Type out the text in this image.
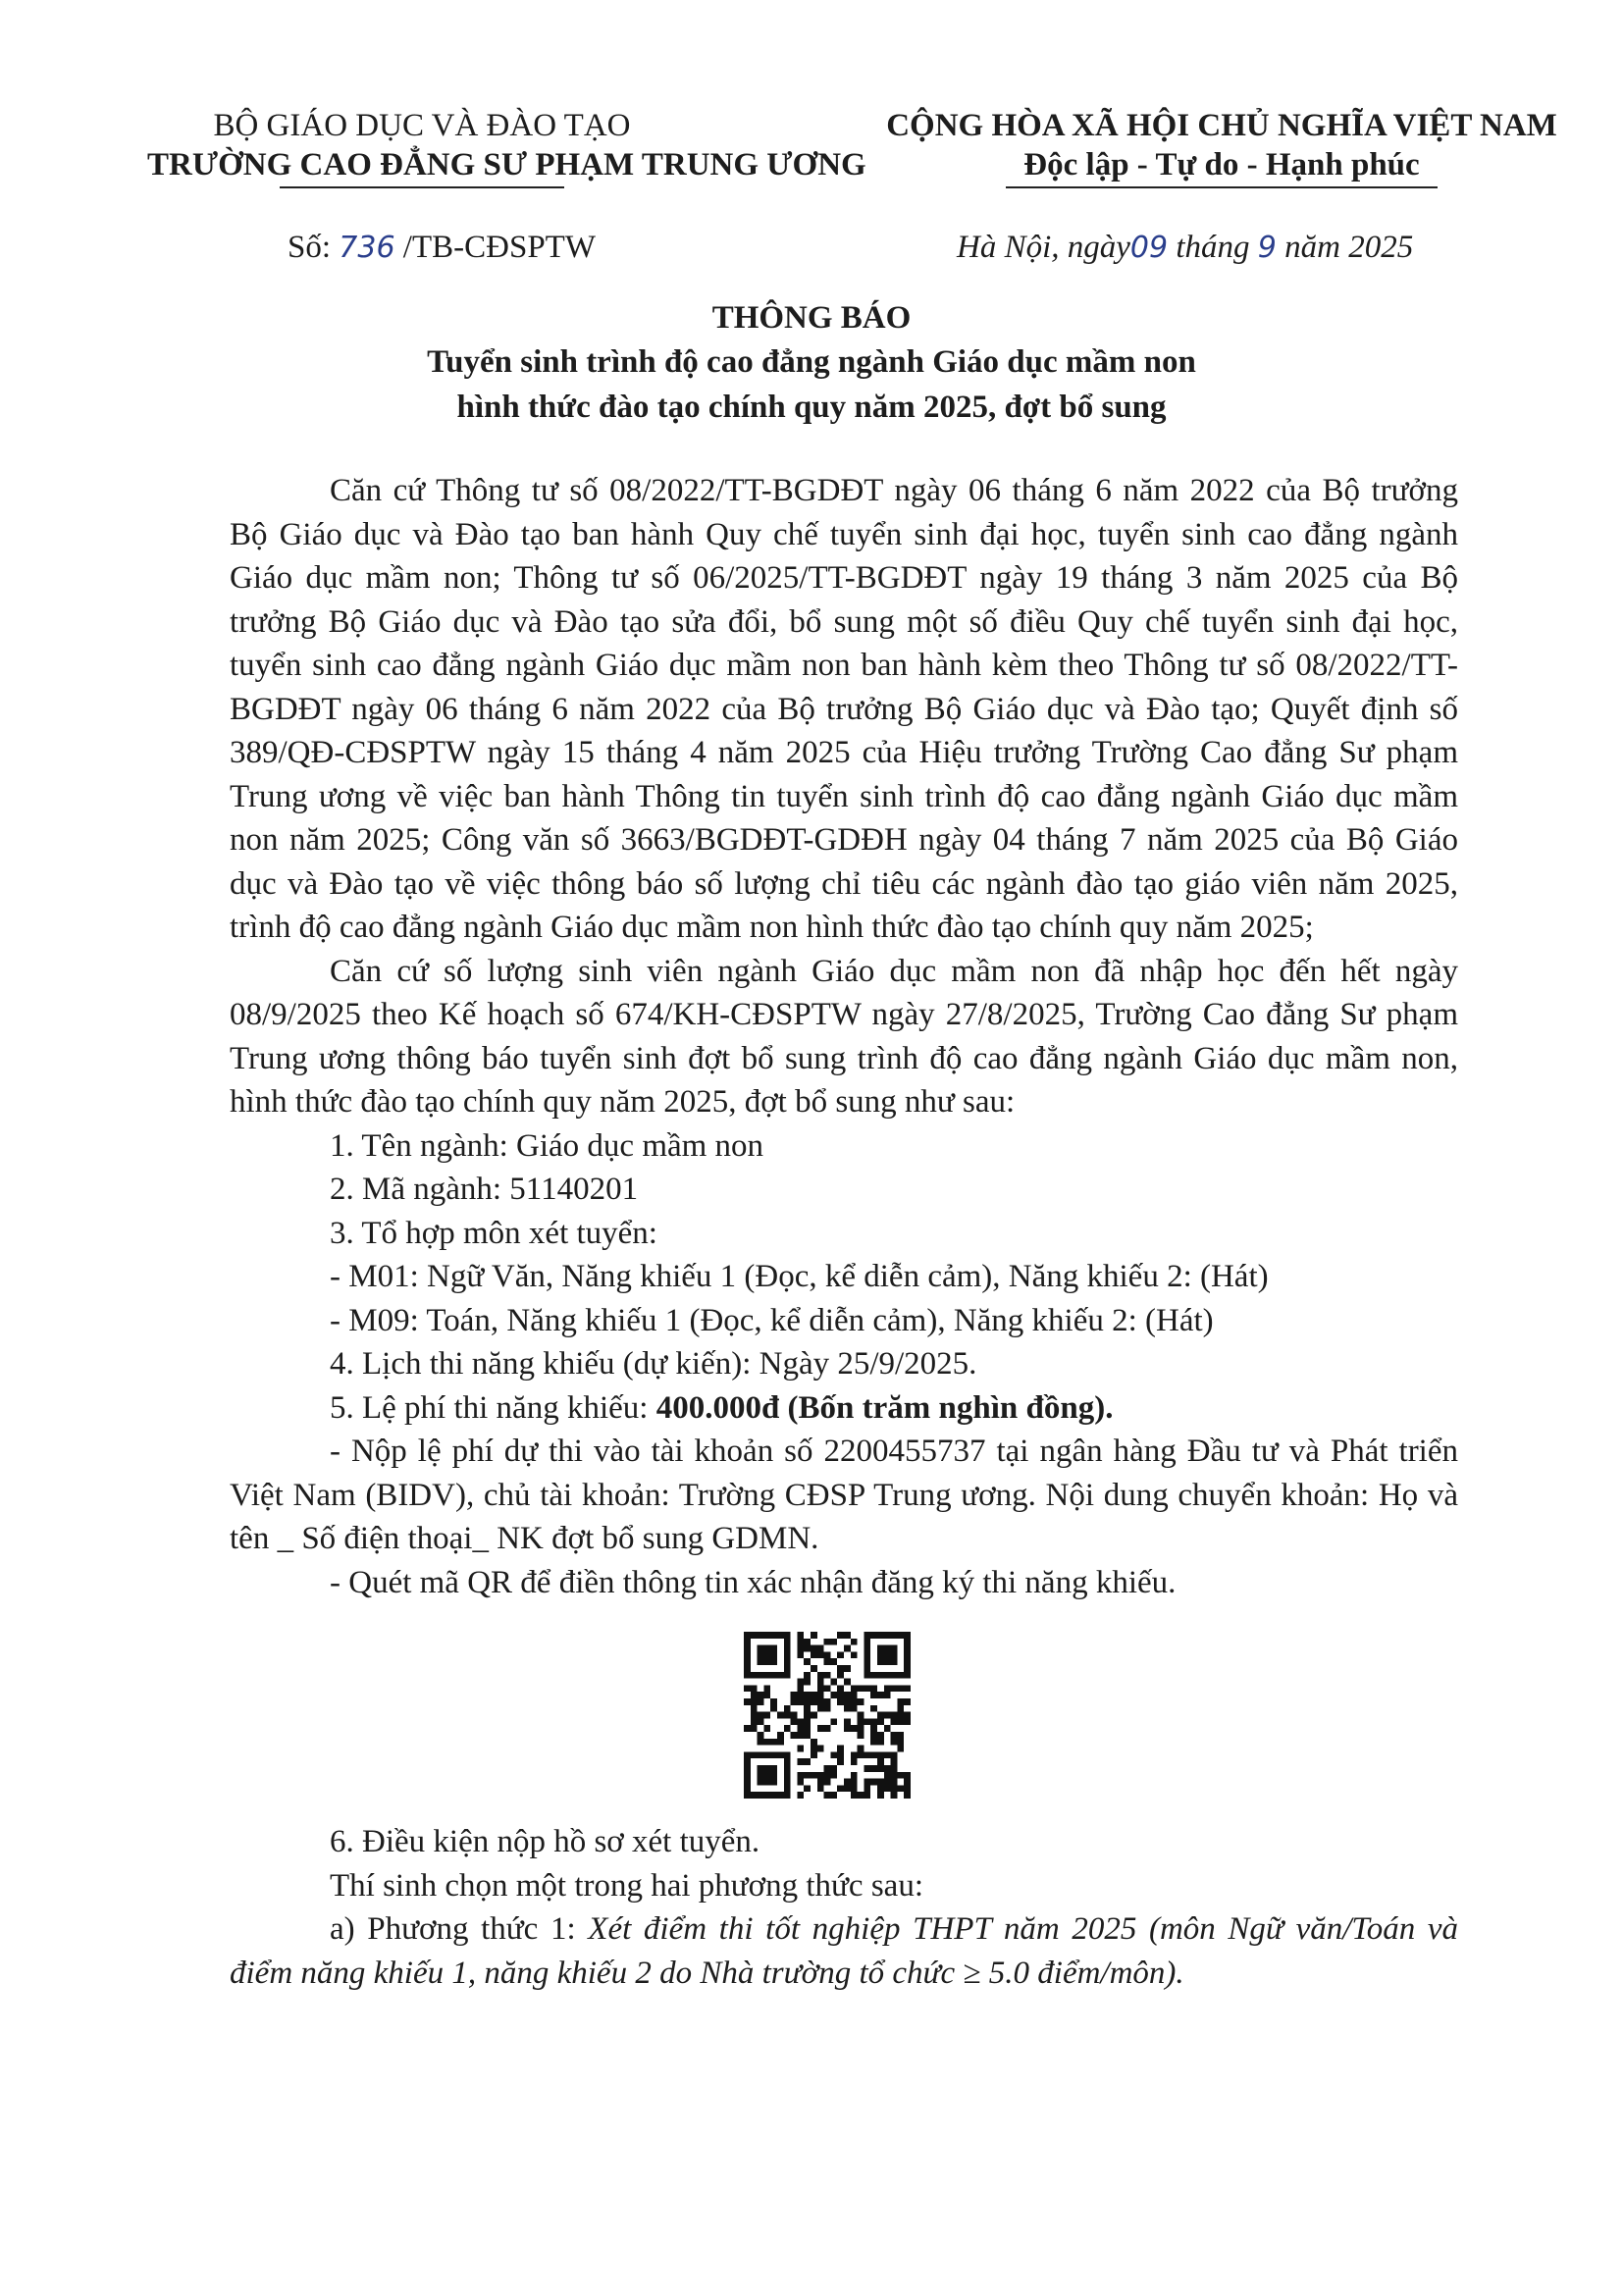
BỘ GIÁO DỤC VÀ ĐÀO TẠO
TRƯỜNG CAO ĐẲNG SƯ PHẠM TRUNG ƯƠNG
CỘNG HÒA XÃ HỘI CHỦ NGHĨA VIỆT NAM
Độc lập - Tự do - Hạnh phúc
Số: 736 /TB-CĐSPTW	Hà Nội, ngày09 tháng 9 năm 2025
THÔNG BÁO
Tuyển sinh trình độ cao đẳng ngành Giáo dục mầm non
hình thức đào tạo chính quy năm 2025, đợt bổ sung

Căn cứ Thông tư số 08/2022/TT-BGDĐT ngày 06 tháng 6 năm 2022 của Bộ trưởng Bộ Giáo dục và Đào tạo ban hành Quy chế tuyển sinh đại học, tuyển sinh cao đẳng ngành Giáo dục mầm non; Thông tư số 06/2025/TT-BGDĐT ngày 19 tháng 3 năm 2025 của Bộ trưởng Bộ Giáo dục và Đào tạo sửa đổi, bổ sung một số điều Quy chế tuyển sinh đại học, tuyển sinh cao đẳng ngành Giáo dục mầm non ban hành kèm theo Thông tư số 08/2022/TT-BGDĐT ngày 06 tháng 6 năm 2022 của Bộ trưởng Bộ Giáo dục và Đào tạo; Quyết định số 389/QĐ-CĐSPTW ngày 15 tháng 4 năm 2025 của Hiệu trưởng Trường Cao đẳng Sư phạm Trung ương về việc ban hành Thông tin tuyển sinh trình độ cao đẳng ngành Giáo dục mầm non năm 2025; Công văn số 3663/BGDĐT-GDĐH ngày 04 tháng 7 năm 2025 của Bộ Giáo dục và Đào tạo về việc thông báo số lượng chỉ tiêu các ngành đào tạo giáo viên năm 2025, trình độ cao đẳng ngành Giáo dục mầm non hình thức đào tạo chính quy năm 2025;

Căn cứ số lượng sinh viên ngành Giáo dục mầm non đã nhập học đến hết ngày 08/9/2025 theo Kế hoạch số 674/KH-CĐSPTW ngày 27/8/2025, Trường Cao đẳng Sư phạm Trung ương thông báo tuyển sinh đợt bổ sung trình độ cao đẳng ngành Giáo dục mầm non, hình thức đào tạo chính quy năm 2025, đợt bổ sung như sau:

1. Tên ngành: Giáo dục mầm non

2. Mã ngành: 51140201

3. Tổ hợp môn xét tuyển:

- M01: Ngữ Văn, Năng khiếu 1 (Đọc, kể diễn cảm), Năng khiếu 2: (Hát)

- M09: Toán, Năng khiếu 1 (Đọc, kể diễn cảm), Năng khiếu 2: (Hát)

4. Lịch thi năng khiếu (dự kiến): Ngày 25/9/2025.

5. Lệ phí thi năng khiếu: 400.000đ (Bốn trăm nghìn đồng).

- Nộp lệ phí dự thi vào tài khoản số 2200455737 tại ngân hàng Đầu tư và Phát triển Việt Nam (BIDV), chủ tài khoản: Trường CĐSP Trung ương. Nội dung chuyển khoản: Họ và tên _ Số điện thoại_ NK đợt bổ sung GDMN.

- Quét mã QR để điền thông tin xác nhận đăng ký thi năng khiếu.

6. Điều kiện nộp hồ sơ xét tuyển.

Thí sinh chọn một trong hai phương thức sau:

a) Phương thức 1: Xét điểm thi tốt nghiệp THPT năm 2025 (môn Ngữ văn/Toán và điểm năng khiếu 1, năng khiếu 2 do Nhà trường tổ chức ≥ 5.0 điểm/môn).
